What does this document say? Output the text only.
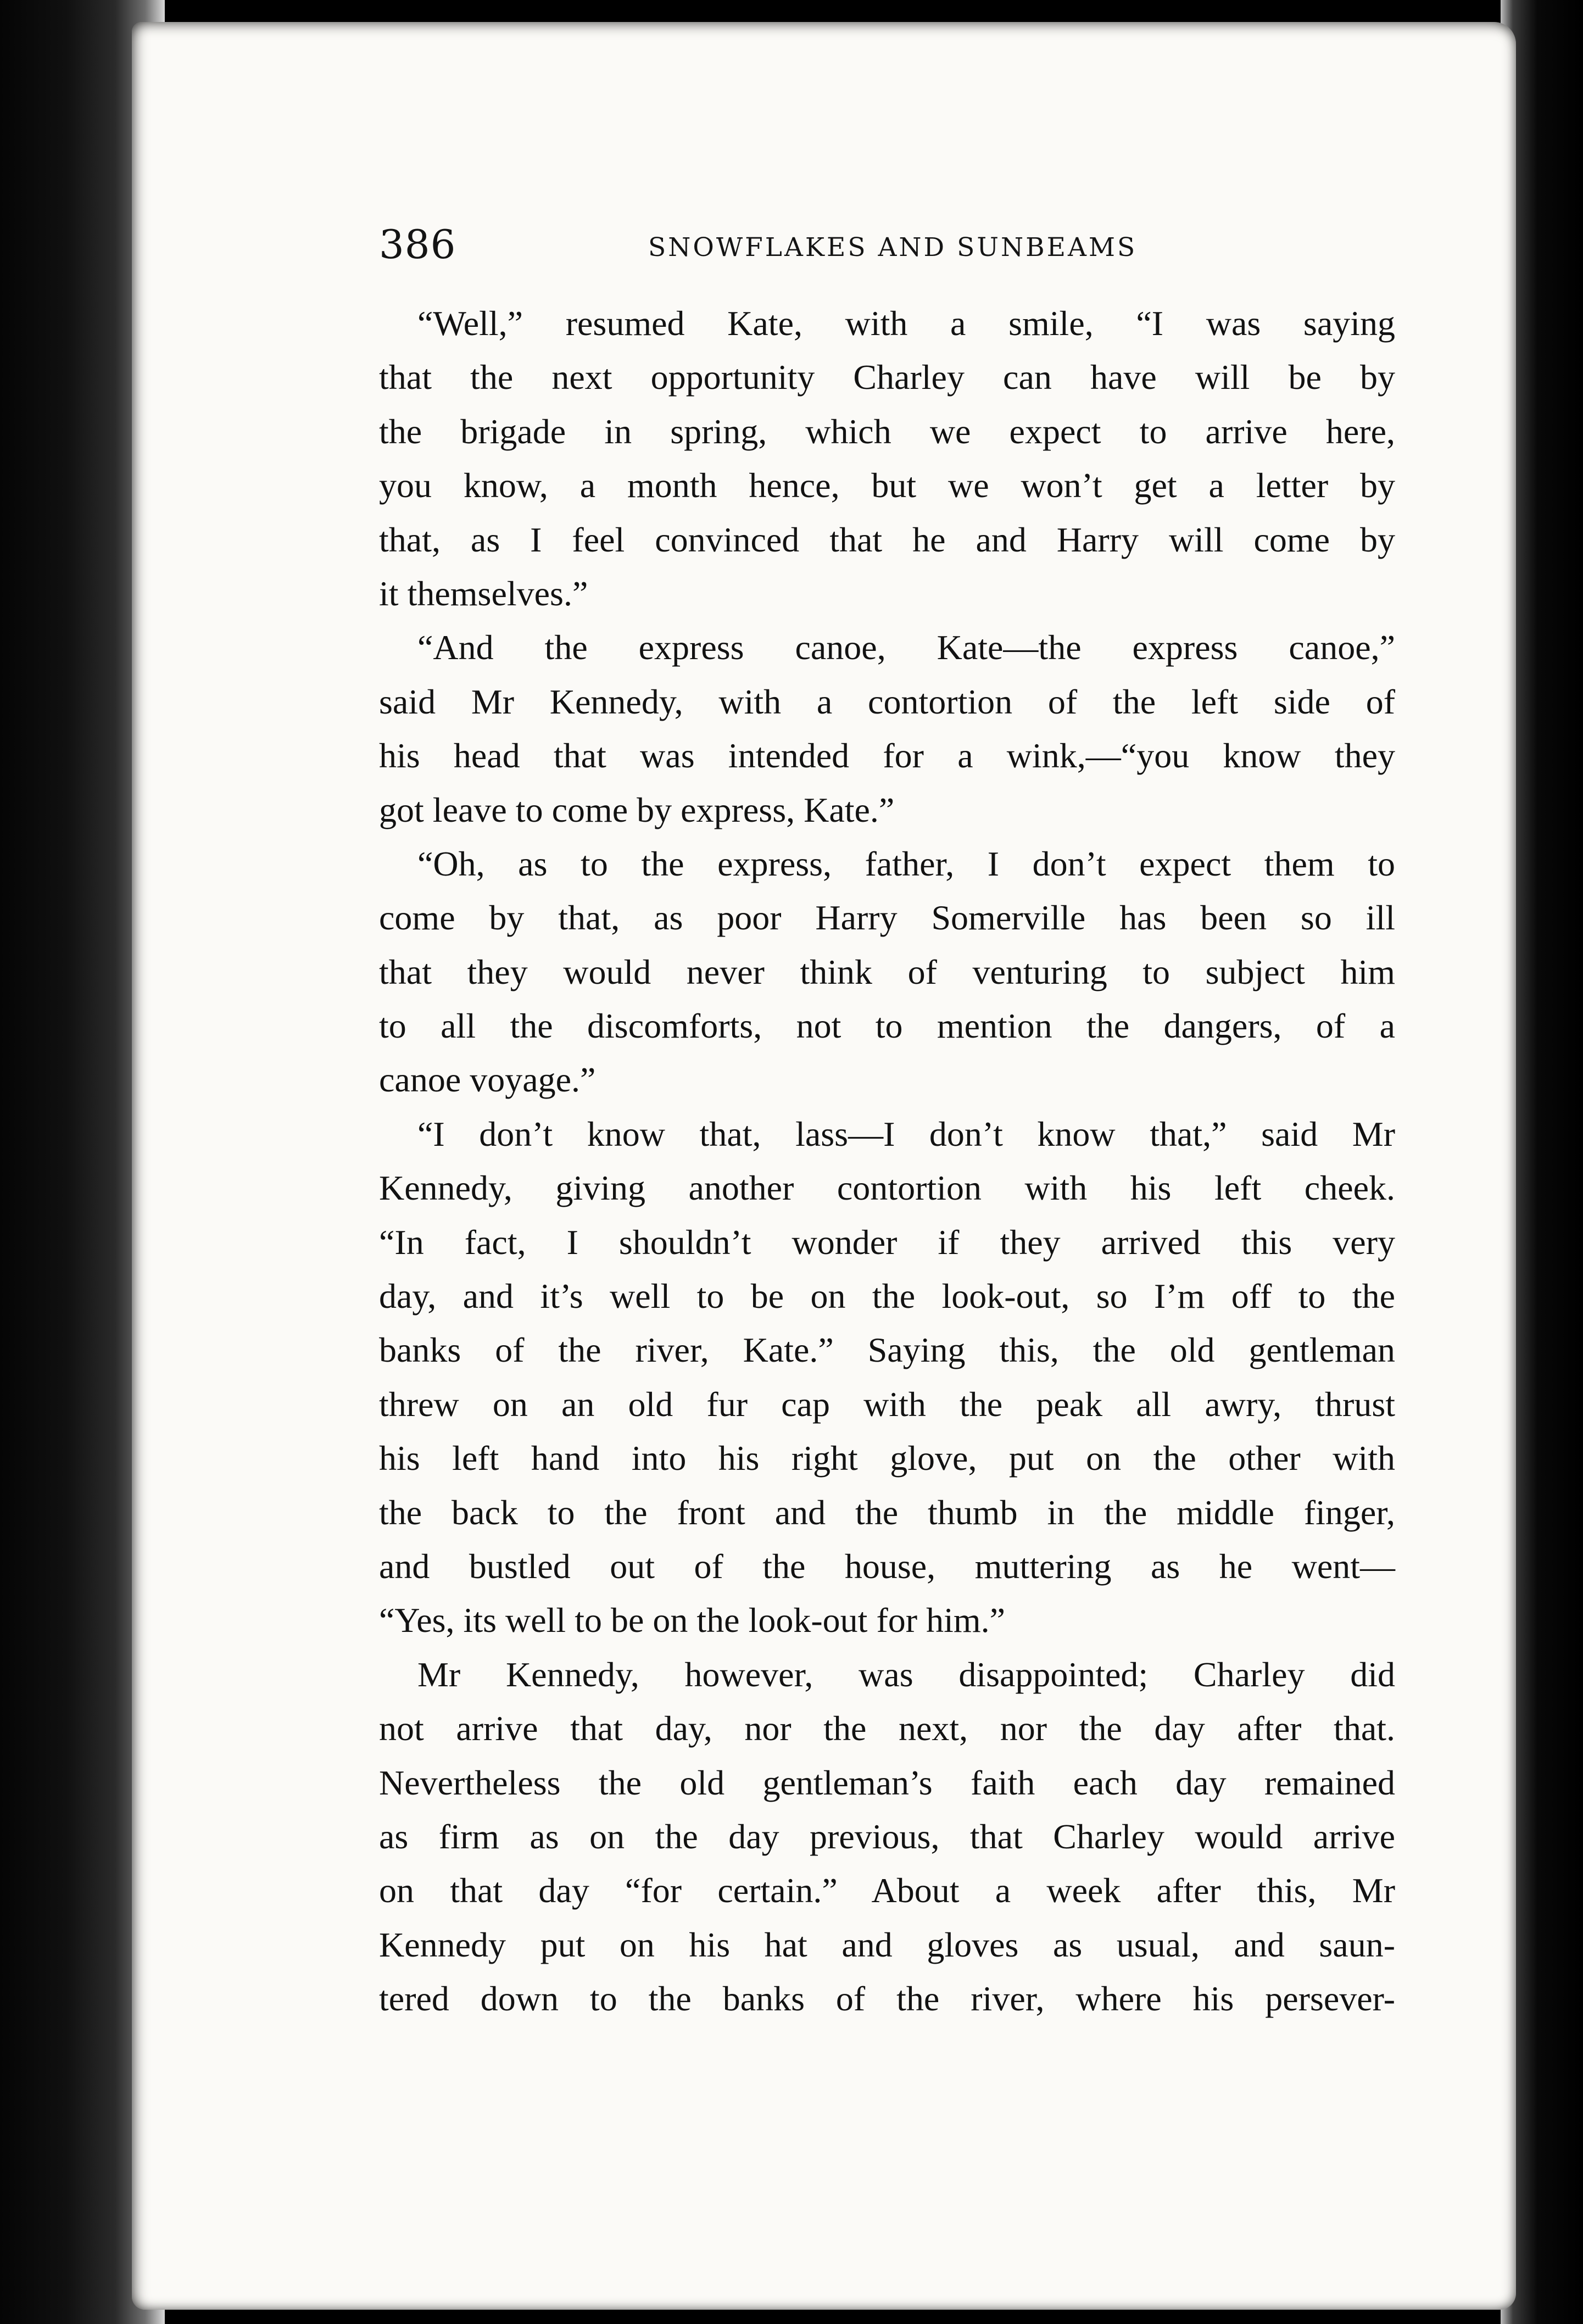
386	SNOWFLAKES AND SUNBEAMS
“Well,” resumed Kate, with a smile, “I was saying
that the next opportunity Charley can have will be by
the brigade in spring, which we expect to arrive here,
you know, a month hence, but we won’t get a letter by
that, as I feel convinced that he and Harry will come by
it themselves.”
“And the express canoe, Kate—the express canoe,”
said Mr Kennedy, with a contortion of the left side of
his head that was intended for a wink,—“you know they
got leave to come by express, Kate.”
“Oh, as to the express, father, I don’t expect them to
come by that, as poor Harry Somerville has been so ill
that they would never think of venturing to subject him
to all the discomforts, not to mention the dangers, of a
canoe voyage.”
“I don’t know that, lass—I don’t know that,” said Mr
Kennedy, giving another contortion with his left cheek.
“In fact, I shouldn’t wonder if they arrived this very
day, and it’s well to be on the look-out, so I’m off to the
banks of the river, Kate.” Saying this, the old gentleman
threw on an old fur cap with the peak all awry, thrust
his left hand into his right glove, put on the other with
the back to the front and the thumb in the middle finger,
and bustled out of the house, muttering as he went—
“Yes, its well to be on the look-out for him.”
Mr Kennedy, however, was disappointed; Charley did
not arrive that day, nor the next, nor the day after that.
Nevertheless the old gentleman’s faith each day remained
as firm as on the day previous, that Charley would arrive
on that day “for certain.” About a week after this, Mr
Kennedy put on his hat and gloves as usual, and saun-
tered down to the banks of the river, where his persever-
